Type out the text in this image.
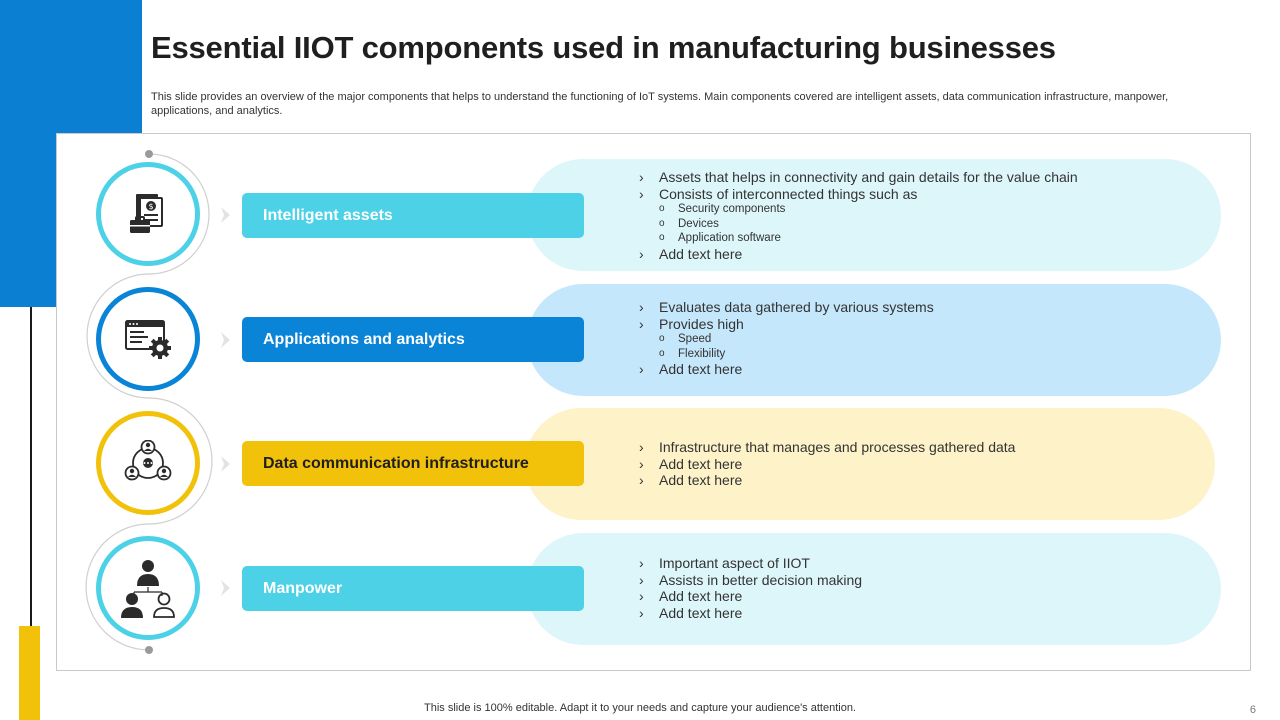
Essential IIOT components used in manufacturing businesses

This slide provides an overview of the major components that helps to understand the functioning of IoT systems. Main components covered are intelligent assets, data communication infrastructure, manpower, applications, and analytics.

$	Intelligent assets
› Assets that helps in connectivity and gain details for the value chain
› Consists of interconnected things such as
o Security components
o Devices
o Application software
› Add text here
Applications and analytics
› Evaluates data gathered by various systems
› Provides high
o Speed
o Flexibility
› Add text here
Data communication infrastructure
› Infrastructure that manages and processes gathered data
› Add text here
› Add text here
Manpower
› Important aspect of IIOT
› Assists in better decision making
› Add text here
› Add text here
This slide is 100% editable. Adapt it to your needs and capture your audience's attention.	6
